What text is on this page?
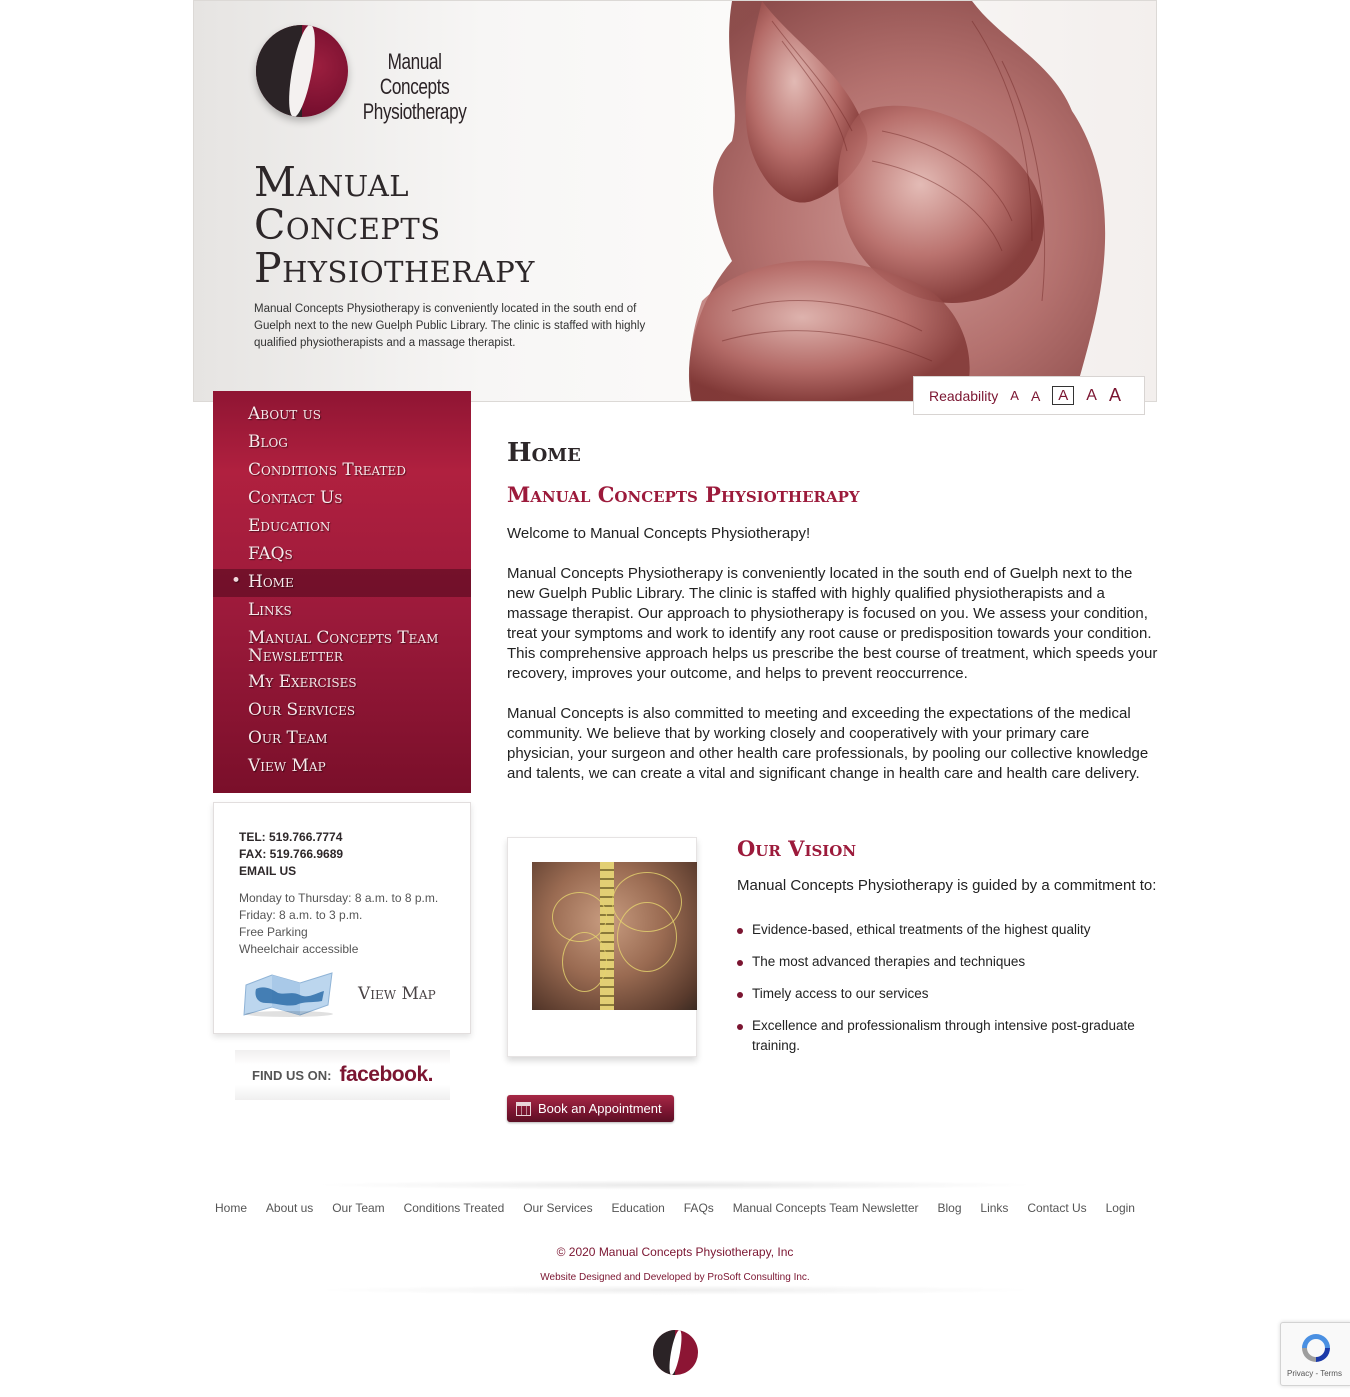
Manual Concepts
Physiotherapy
Manual
Concepts
Physiotherapy
Manual Concepts Physiotherapy is conveniently located in the south end of Guelph next to the new Guelph Public Library. The clinic is staffed with highly qualified physiotherapists and a massage therapist.
Readability A A	A	A A
About us
Blog
Conditions Treated
Contact Us
Education
FAQs
• Home
Links
Manual Concepts Team Newsletter
My Exercises
Our Services
Our Team
View Map
TEL: 519.766.7774
FAX: 519.766.9689
EMAIL US
Monday to Thursday: 8 a.m. to 8 p.m.
Friday: 8 a.m. to 3 p.m.
Free Parking
Wheelchair accessible
View Map
FIND US ON: facebook.
Home
Manual Concepts Physiotherapy

Welcome to Manual Concepts Physiotherapy!

Manual Concepts Physiotherapy is conveniently located in the south end of Guelph next to the new Guelph Public Library. The clinic is staffed with highly qualified physiotherapists and a massage therapist. Our approach to physiotherapy is focused on you. We assess your condition, treat your symptoms and work to identify any root cause or predisposition towards your condition. This comprehensive approach helps us prescribe the best course of treatment, which speeds your recovery, improves your outcome, and helps to prevent reoccurrence.

Manual Concepts is also committed to meeting and exceeding the expectations of the medical community. We believe that by working closely and cooperatively with your primary care physician, your surgeon and other health care professionals, by pooling our collective knowledge and talents, we can create a vital and significant change in health care and health care delivery.

Our Vision

Manual Concepts Physiotherapy is guided by a commitment to:

Evidence-based, ethical treatments of the highest quality
The most advanced therapies and techniques
Timely access to our services
Excellence and professionalism through intensive post-graduate training.
Book an Appointment
Home About us Our Team Conditions Treated Our Services Education FAQs Manual Concepts Team Newsletter Blog Links Contact Us Login
© 2020 Manual Concepts Physiotherapy, Inc
Website Designed and Developed by ProSoft Consulting Inc.
Privacy - Terms
